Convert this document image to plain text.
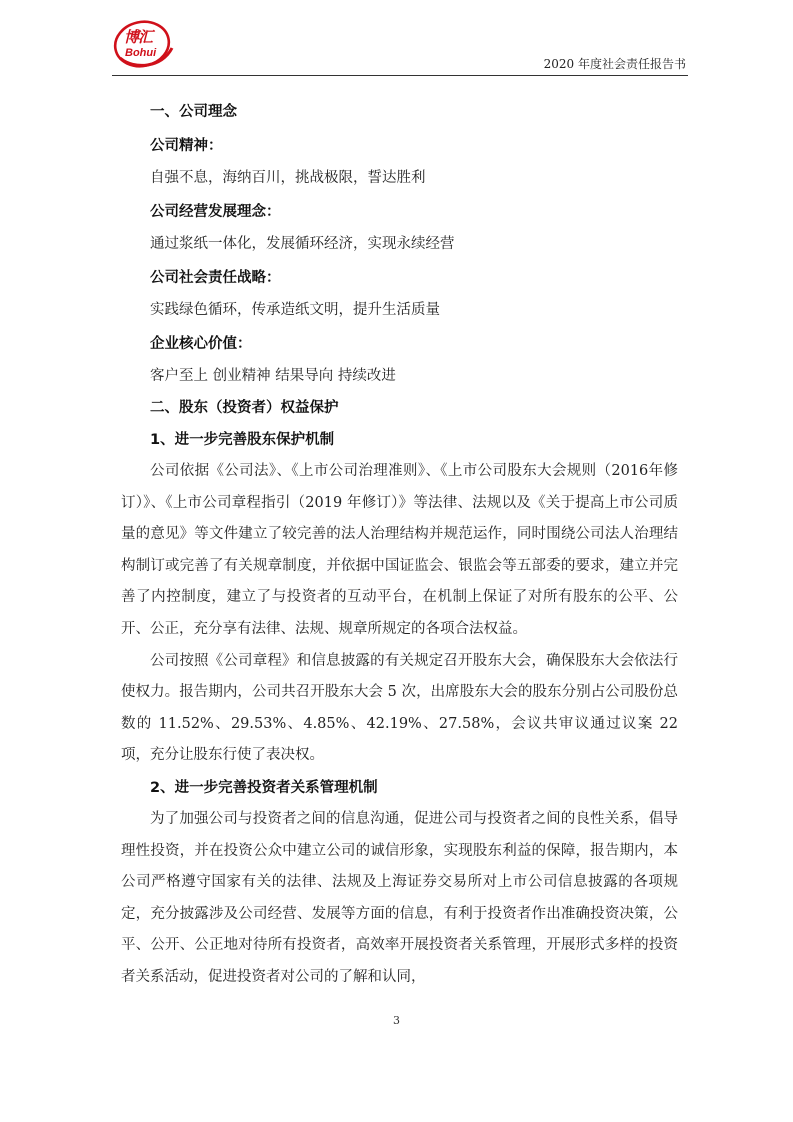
博汇
Bohui
2020 年度社会责任报告书
一、公司理念
公司精神：
自强不息，海纳百川，挑战极限，誓达胜利
公司经营发展理念：
通过浆纸一体化，发展循环经济，实现永续经营
公司社会责任战略：
实践绿色循环，传承造纸文明，提升生活质量
企业核心价值：
客户至上 创业精神 结果导向 持续改进
二、股东（投资者）权益保护
1、进一步完善股东保护机制
公司依据《公司法》、《上市公司治理准则》、《上市公司股东大会规则（2016年修订）》、《上市公司章程指引（2019 年修订）》等法律、法规以及《关于提高上市公司质量的意见》等文件建立了较完善的法人治理结构并规范运作，同时围绕公司法人治理结构制订或完善了有关规章制度，并依据中国证监会、银监会等五部委的要求，建立并完善了内控制度，建立了与投资者的互动平台，在机制上保证了对所有股东的公平、公开、公正，充分享有法律、法规、规章所规定的各项合法权益。
公司按照《公司章程》和信息披露的有关规定召开股东大会，确保股东大会依法行使权力。报告期内，公司共召开股东大会 5 次，出席股东大会的股东分别占公司股份总数的 11.52%、29.53%、4.85%、42.19%、27.58%，会议共审议通过议案 22 项，充分让股东行使了表决权。
2、进一步完善投资者关系管理机制
为了加强公司与投资者之间的信息沟通，促进公司与投资者之间的良性关系，倡导理性投资，并在投资公众中建立公司的诚信形象，实现股东利益的保障，报告期内，本公司严格遵守国家有关的法律、法规及上海证券交易所对上市公司信息披露的各项规定，充分披露涉及公司经营、发展等方面的信息，有利于投资者作出准确投资决策，公平、公开、公正地对待所有投资者，高效率开展投资者关系管理，开展形式多样的投资者关系活动，促进投资者对公司的了解和认同，
3
